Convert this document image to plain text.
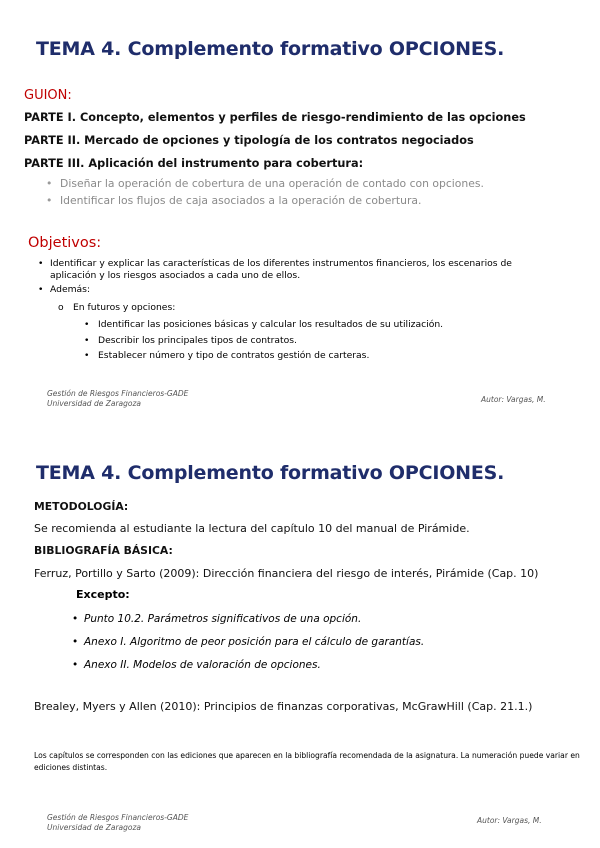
TEMA 4. Complemento formativo OPCIONES.
GUION:
PARTE I. Concepto, elementos y perfiles de riesgo-rendimiento de las opciones
PARTE II. Mercado de opciones y tipología de los contratos negociados
PARTE III. Aplicación del instrumento para cobertura:
• Diseñar la operación de cobertura de una operación de contado con opciones.
• Identificar los flujos de caja asociados a la operación de cobertura.
Objetivos:
• Identificar y explicar las características de los diferentes instrumentos financieros, los escenarios de aplicación y los riesgos asociados a cada uno de ellos.
• Además:
o En futuros y opciones:
• Identificar las posiciones básicas y calcular los resultados de su utilización.
• Describir los principales tipos de contratos.
• Establecer número y tipo de contratos gestión de carteras.
Gestión de Riesgos Financieros-GADE
Universidad de Zaragoza	Autor: Vargas, M.
TEMA 4. Complemento formativo OPCIONES.
METODOLOGÍA:
Se recomienda al estudiante la lectura del capítulo 10 del manual de Pirámide.
BIBLIOGRAFÍA BÁSICA:
Ferruz, Portillo y Sarto (2009): Dirección financiera del riesgo de interés, Pirámide (Cap. 10)
Excepto:
• Punto 10.2. Parámetros significativos de una opción.
• Anexo I. Algoritmo de peor posición para el cálculo de garantías.
• Anexo II. Modelos de valoración de opciones.
Brealey, Myers y Allen (2010): Principios de finanzas corporativas, McGrawHill (Cap. 21.1.)
Los capítulos se corresponden con las ediciones que aparecen en la bibliografía recomendada de la asignatura. La numeración puede variar en ediciones distintas.
Gestión de Riesgos Financieros-GADE
Universidad de Zaragoza
Autor: Vargas, M.
